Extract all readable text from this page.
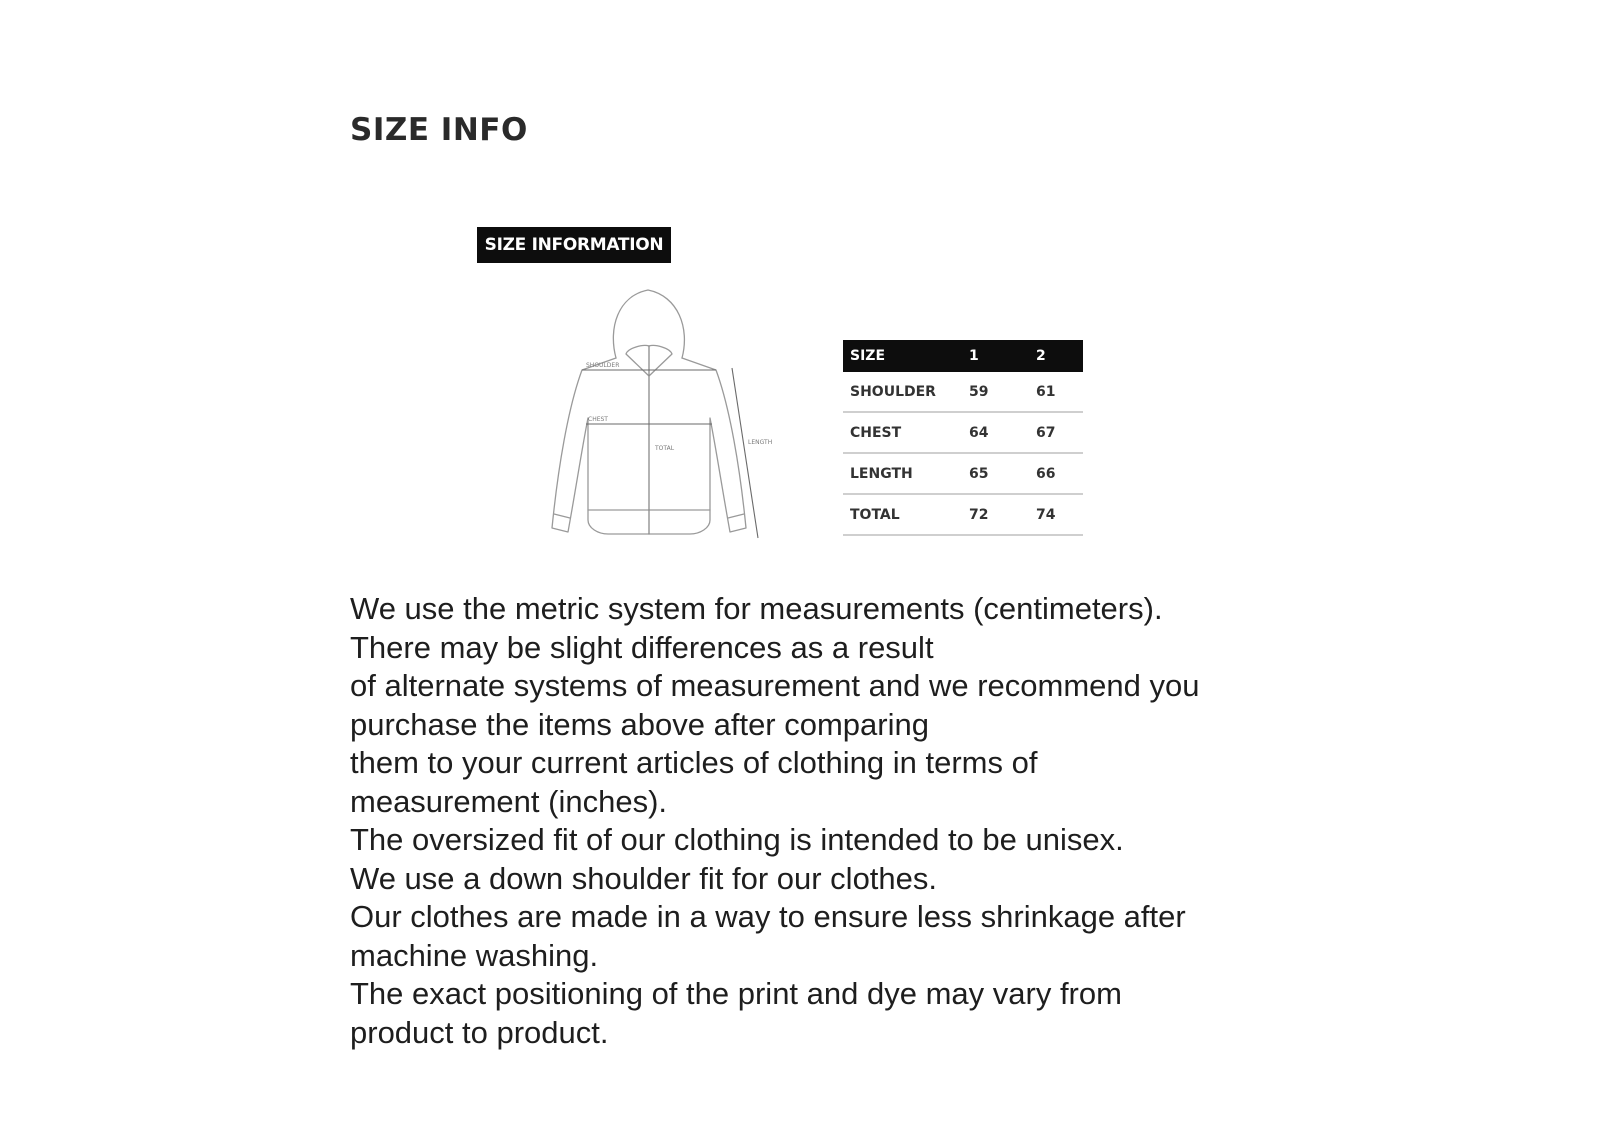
SIZE INFO
SIZE INFORMATION
SHOULDER
CHEST
TOTAL
LENGTH
SIZE	1	2
SHOULDER	59	61
CHEST	64	67
LENGTH	65	66
TOTAL	72	74

We use the metric system for measurements (centimeters).
There may be slight differences as a result
of alternate systems of measurement and we recommend you
purchase the items above after comparing
them to your current articles of clothing in terms of
measurement (inches).
The oversized fit of our clothing is intended to be unisex.
We use a down shoulder fit for our clothes.
Our clothes are made in a way to ensure less shrinkage after
machine washing.
The exact positioning of the print and dye may vary from
product to product.
